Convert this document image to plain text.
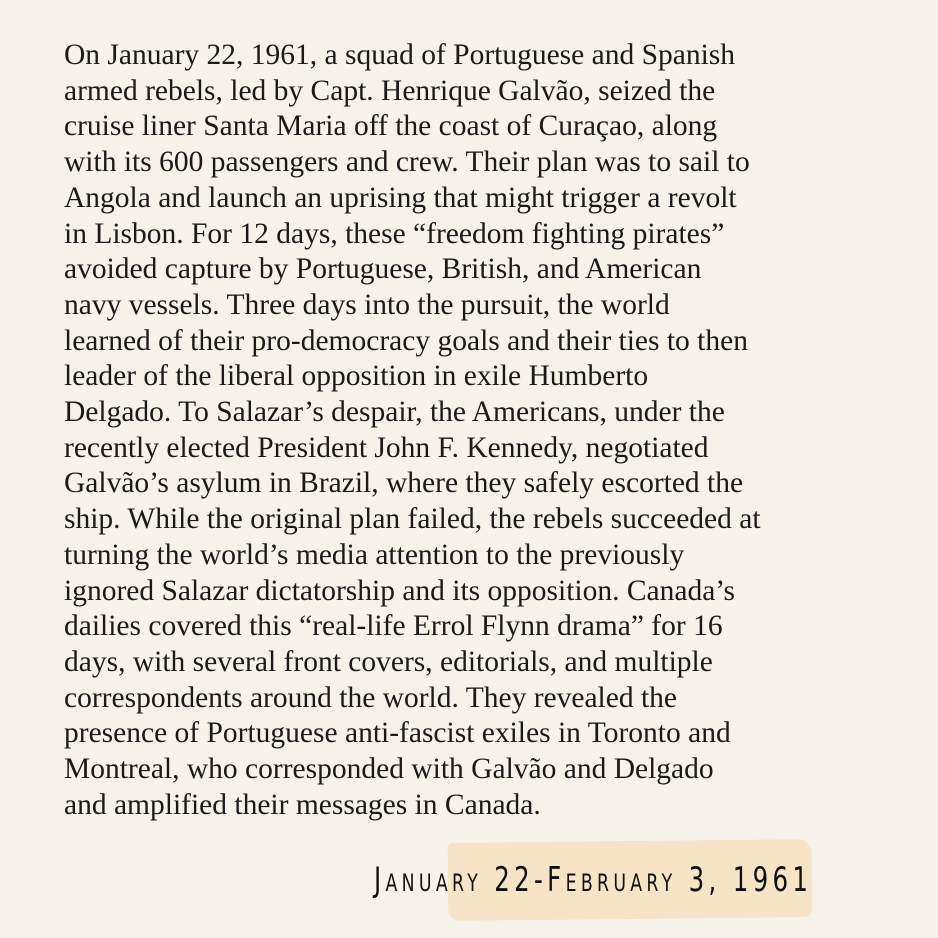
On January 22, 1961, a squad of Portuguese and Spanish
armed rebels, led by Capt. Henrique Galvão, seized the
cruise liner Santa Maria off the coast of Curaçao, along
with its 600 passengers and crew. Their plan was to sail to
Angola and launch an uprising that might trigger a revolt
in Lisbon. For 12 days, these “freedom fighting pirates”
avoided capture by Portuguese, British, and American
navy vessels. Three days into the pursuit, the world
learned of their pro-democracy goals and their ties to then
leader of the liberal opposition in exile Humberto
Delgado. To Salazar’s despair, the Americans, under the
recently elected President John F. Kennedy, negotiated
Galvão’s asylum in Brazil, where they safely escorted the
ship. While the original plan failed, the rebels succeeded at
turning the world’s media attention to the previously
ignored Salazar dictatorship and its opposition. Canada’s
dailies covered this “real-life Errol Flynn drama” for 16
days, with several front covers, editorials, and multiple
correspondents around the world. They revealed the
presence of Portuguese anti-fascist exiles in Toronto and
Montreal, who corresponded with Galvão and Delgado
and amplified their messages in Canada.
January 22-February 3, 1961
